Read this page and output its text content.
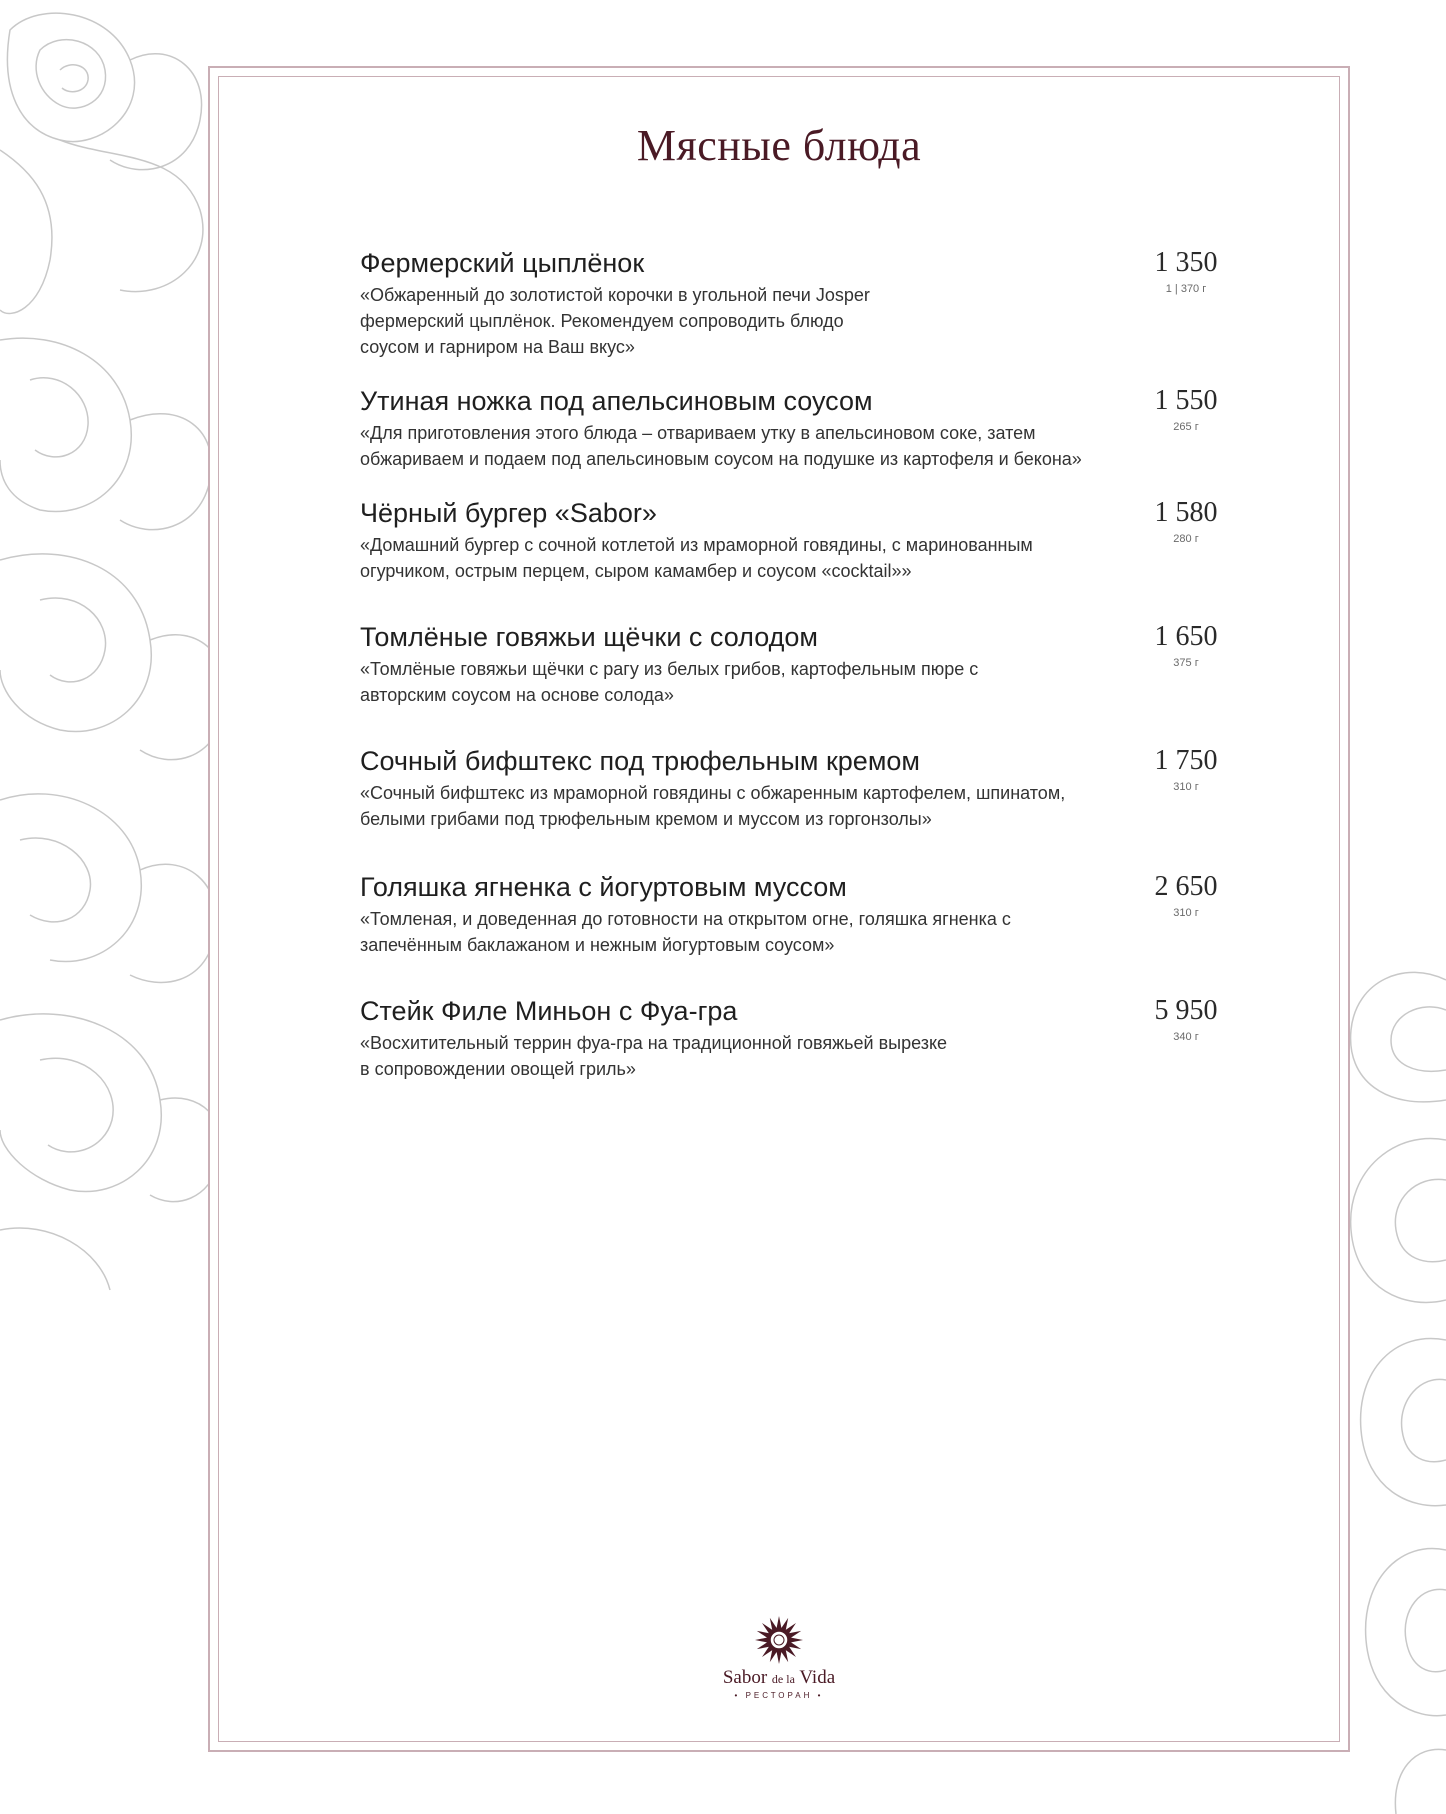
Мясные блюда
Фермерский цыплёнок
«Обжаренный до золотистой корочки в угольной печи Josper
фермерский цыплёнок. Рекомендуем сопроводить блюдо
соусом и гарниром на Ваш вкус»
1 350
1 | 370 г
Утиная ножка под апельсиновым соусом
«Для приготовления этого блюда – отвариваем утку в апельсиновом соке, затем
обжариваем и подаем под апельсиновым соусом на подушке из картофеля и бекона»
1 550
265 г
Чёрный бургер «Sabor»
«Домашний бургер с сочной котлетой из мраморной говядины, с маринованным
огурчиком, острым перцем, сыром камамбер и соусом «cocktail»»
1 580
280 г
Томлёные говяжьи щёчки с солодом
«Томлёные говяжьи щёчки с рагу из белых грибов, картофельным пюре с
авторским соусом на основе солода»
1 650
375 г
Сочный бифштекс под трюфельным кремом
«Сочный бифштекс из мраморной говядины с обжаренным картофелем, шпинатом,
белыми грибами под трюфельным кремом и муссом из горгонзолы»
1 750
310 г
Голяшка ягненка с йогуртовым муссом
«Томленая, и доведенная до готовности на открытом огне, голяшка ягненка с
запечённым баклажаном и нежным йогуртовым соусом»
2 650
310 г
Стейк Филе Миньон с Фуа-гра
«Восхитительный террин фуа-гра на традиционной говяжьей вырезке
в сопровождении овощей гриль»
5 950
340 г
Sabor de la Vida
• РЕСТОРАН •
